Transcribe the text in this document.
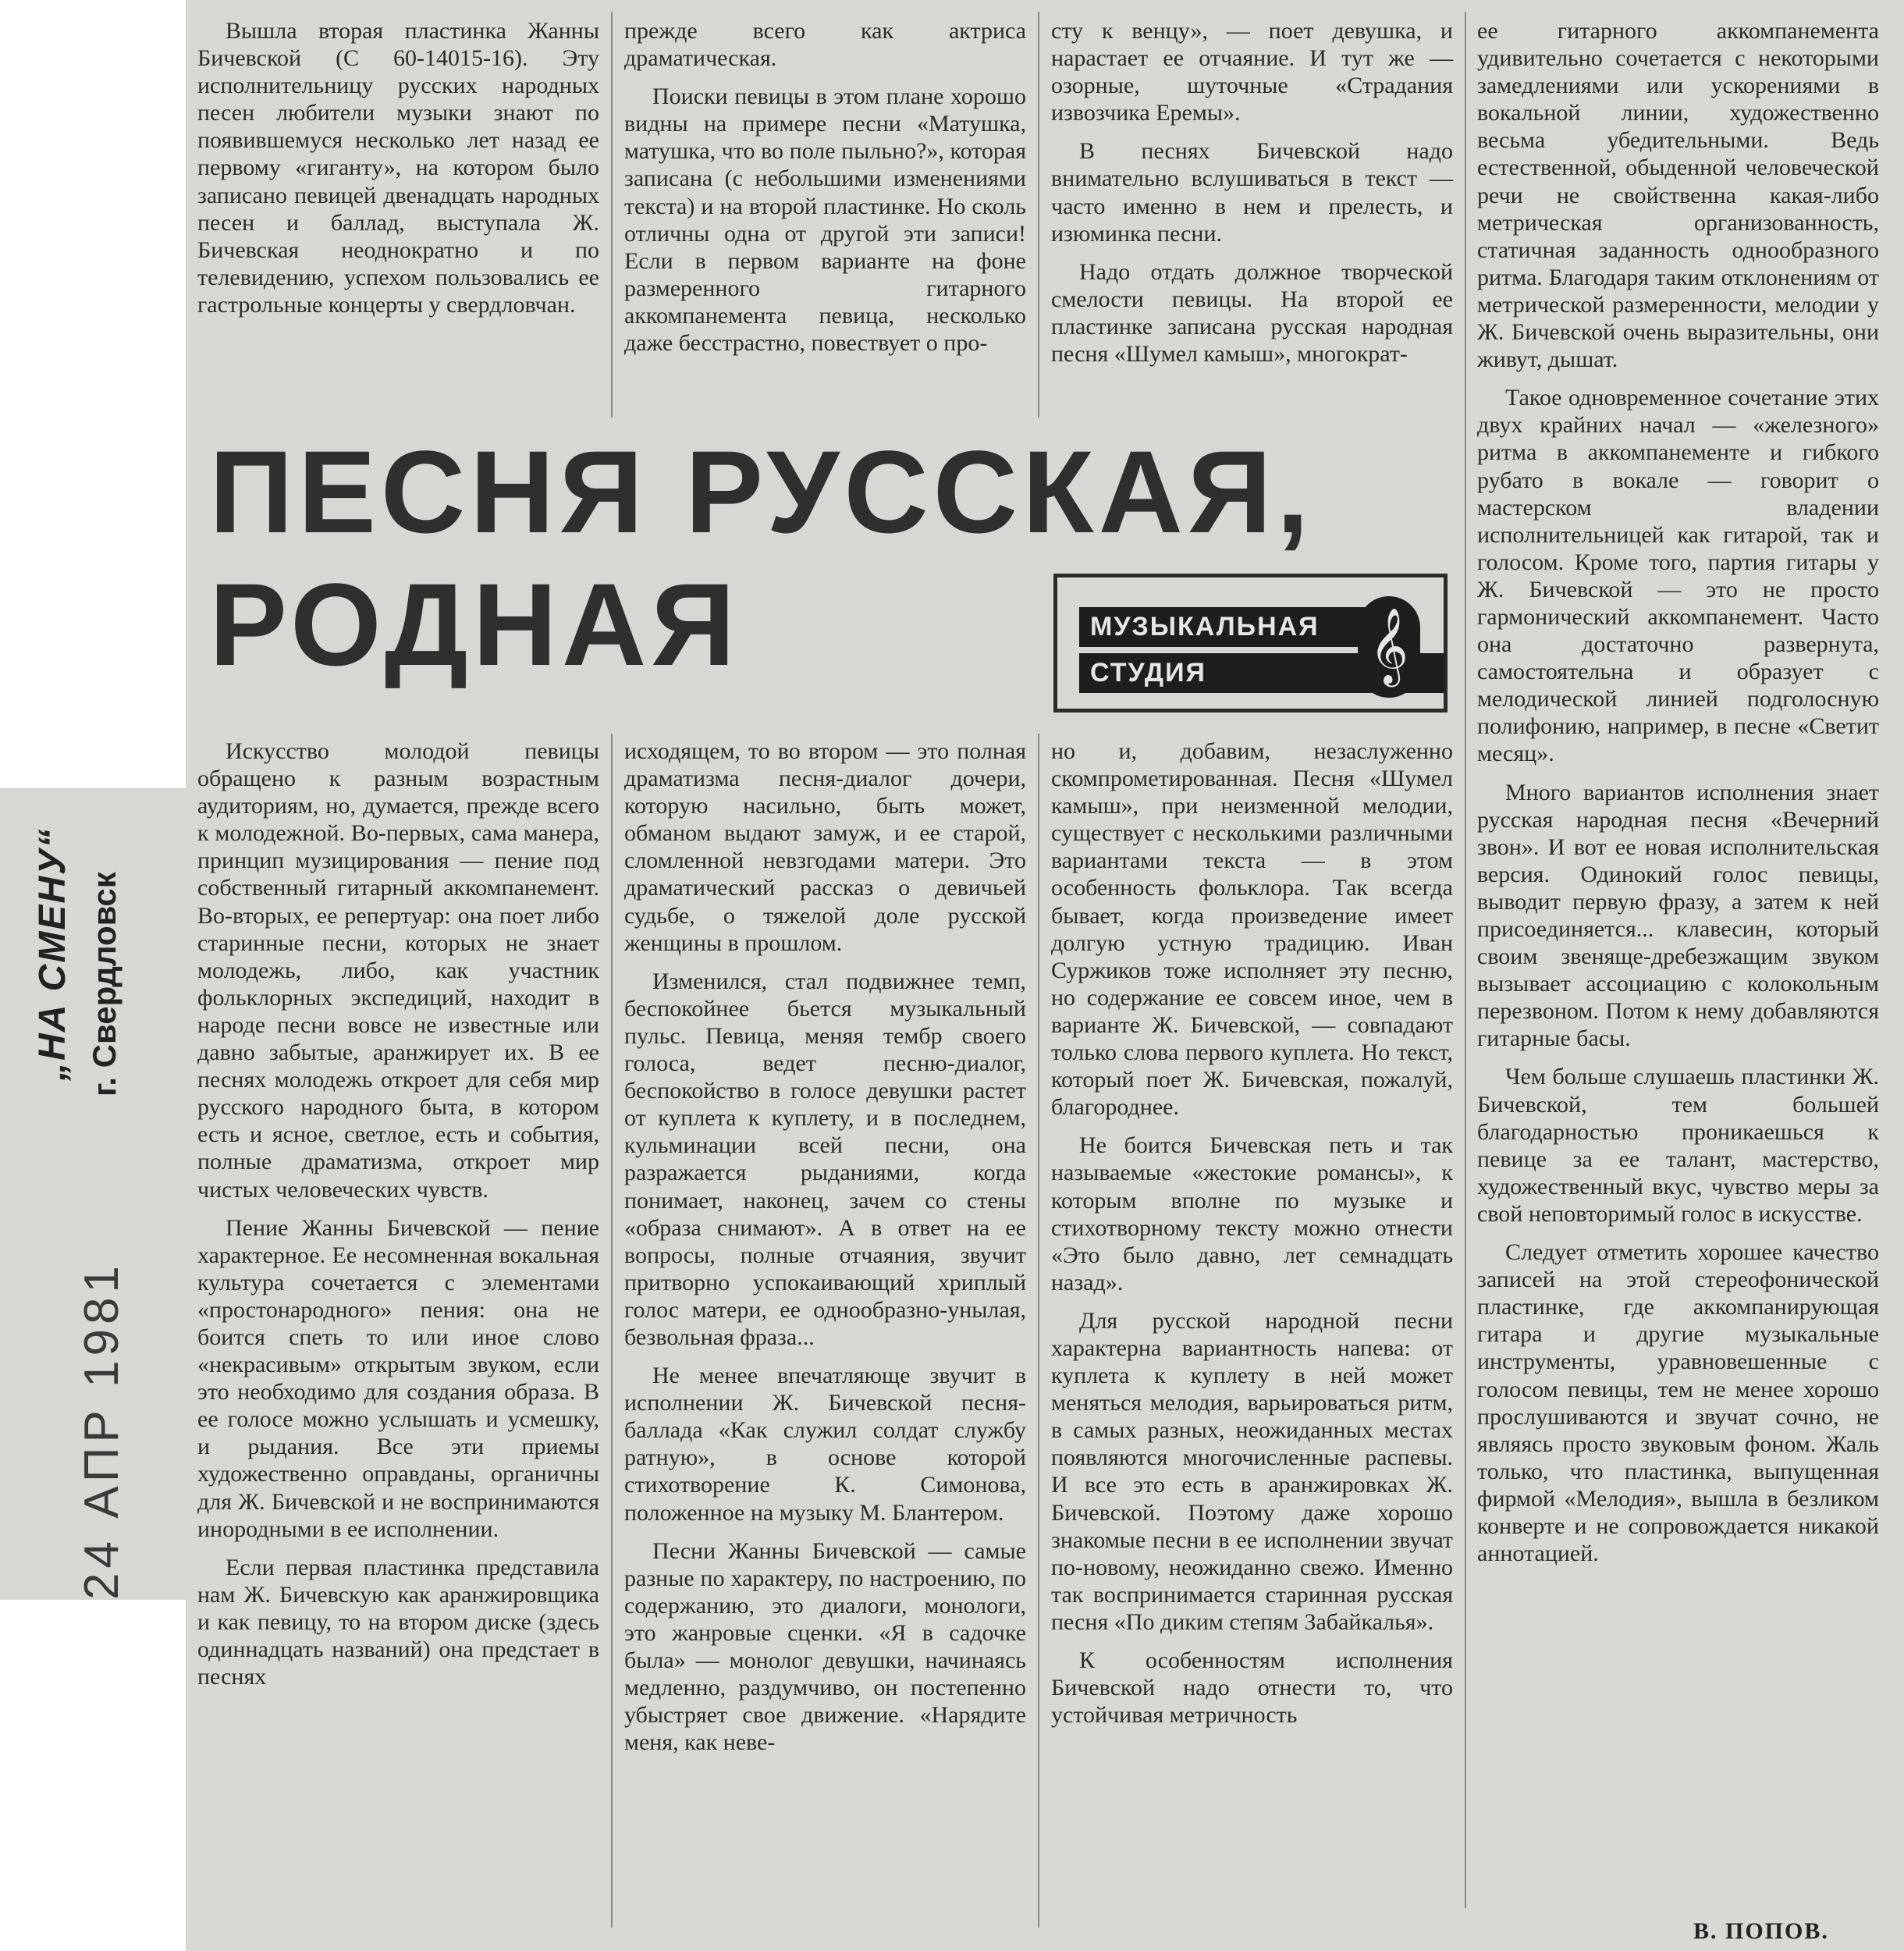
24 АПР 1981
„НА СМЕНУ“ г. Свердловск

Вышла вторая пластинка Жанны Бичевской (С 60-14015-16). Эту исполнительницу русских народных песен любители музыки знают по появившемуся несколько лет назад ее первому «гиганту», на котором было записано певицей двенадцать народных песен и баллад, выступала Ж. Бичевская неоднократно и по телевидению, успехом пользовались ее гастрольные концерты у свердловчан.

прежде всего как актриса драматическая.

Поиски певицы в этом плане хорошо видны на примере песни «Матушка, матушка, что во поле пыльно?», которая записана (с небольшими изменениями текста) и на второй пластинке. Но сколь отличны одна от другой эти записи! Если в первом варианте на фоне размеренного гитарного аккомпанемента певица, несколько даже бесстрастно, повествует о про-

сту к венцу», — поет девушка, и нарастает ее отчаяние. И тут же — озорные, шуточные «Страдания извозчика Еремы».

В песнях Бичевской надо внимательно вслушиваться в текст — часто именно в нем и прелесть, и изюминка песни.

Надо отдать должное творческой смелости певицы. На второй ее пластинке записана русская народная песня «Шумел камыш», многократ-

ее гитарного аккомпанемента удивительно сочетается с некоторыми замедлениями или ускорениями в вокальной линии, художественно весьма убедительными. Ведь естественной, обыденной человеческой речи не свойственна какая-либо метрическая организованность, статичная заданность однообразного ритма. Благодаря таким отклонениям от метрической размеренности, мелодии у Ж. Бичевской очень выразительны, они живут, дышат.

Такое одновременное сочетание этих двух крайних начал — «железного» ритма в аккомпанементе и гибкого рубато в вокале — говорит о мастерском владении исполнительницей как гитарой, так и голосом. Кроме того, партия гитары у Ж. Бичевской — это не просто гармонический аккомпанемент. Часто она достаточно развернута, самостоятельна и образует с мелодической линией подголосную полифонию, например, в песне «Светит месяц».

Много вариантов исполнения знает русская народная песня «Вечерний звон». И вот ее новая исполнительская версия. Одинокий голос певицы, выводит первую фразу, а затем к ней присоединяется... клавесин, который своим звеняще-дребезжащим звуком вызывает ассоциацию с колокольным перезвоном. Потом к нему добавляются гитарные басы.

Чем больше слушаешь пластинки Ж. Бичевской, тем большей благодарностью проникаешься к певице за ее талант, мастерство, художественный вкус, чувство меры за свой неповторимый голос в искусстве.

Следует отметить хорошее качество записей на этой стереофонической пластинке, где аккомпанирующая гитара и другие музыкальные инструменты, уравновешенные с голосом певицы, тем не менее хорошо прослушиваются и звучат сочно, не являясь просто звуковым фоном. Жаль только, что пластинка, выпущенная фирмой «Мелодия», вышла в безликом конверте и не сопровождается никакой аннотацией.

ПЕСНЯ РУССКАЯ,
РОДНАЯ	МУЗЫКАЛЬНАЯ
СТУДИЯ	𝄞

Искусство молодой певицы обращено к разным возрастным аудиториям, но, думается, прежде всего к молодежной. Во-первых, сама манера, принцип музицирования — пение под собственный гитарный аккомпанемент. Во-вторых, ее репертуар: она поет либо старинные песни, которых не знает молодежь, либо, как участник фольклорных экспедиций, находит в народе песни вовсе не известные или давно забытые, аранжирует их. В ее песнях молодежь откроет для себя мир русского народного быта, в котором есть и ясное, светлое, есть и события, полные драматизма, откроет мир чистых человеческих чувств.

Пение Жанны Бичевской — пение характерное. Ее несомненная вокальная культура сочетается с элементами «простонародного» пения: она не боится спеть то или иное слово «некрасивым» открытым звуком, если это необходимо для создания образа. В ее голосе можно услышать и усмешку, и рыдания. Все эти приемы художественно оправданы, органичны для Ж. Бичевской и не воспринимаются инородными в ее исполнении.

Если первая пластинка представила нам Ж. Бичевскую как аранжировщика и как певицу, то на втором диске (здесь одиннадцать названий) она предстает в песнях

исходящем, то во втором — это полная драматизма песня-диалог дочери, которую насильно, быть может, обманом выдают замуж, и ее старой, сломленной невзгодами матери. Это драматический рассказ о девичьей судьбе, о тяжелой доле русской женщины в прошлом.

Изменился, стал подвижнее темп, беспокойнее бьется музыкальный пульс. Певица, меняя тембр своего голоса, ведет песню-диалог, беспокойство в голосе девушки растет от куплета к куплету, и в последнем, кульминации всей песни, она разражается рыданиями, когда понимает, наконец, зачем со стены «образа снимают». А в ответ на ее вопросы, полные отчаяния, звучит притворно успокаивающий хриплый голос матери, ее однообразно-унылая, безвольная фраза...

Не менее впечатляюще звучит в исполнении Ж. Бичевской песня-баллада «Как служил солдат службу ратную», в основе которой стихотворение К. Симонова, положенное на музыку М. Блантером.

Песни Жанны Бичевской — самые разные по характеру, по настроению, по содержанию, это диалоги, монологи, это жанровые сценки. «Я в садочке была» — монолог девушки, начинаясь медленно, раздумчиво, он постепенно убыстряет свое движение. «Нарядите меня, как неве-

но и, добавим, незаслуженно скомпрометированная. Песня «Шумел камыш», при неизменной мелодии, существует с несколькими различными вариантами текста — в этом особенность фольклора. Так всегда бывает, когда произведение имеет долгую устную традицию. Иван Суржиков тоже исполняет эту песню, но содержание ее совсем иное, чем в варианте Ж. Бичевской, — совпадают только слова первого куплета. Но текст, который поет Ж. Бичевская, пожалуй, благороднее.

Не боится Бичевская петь и так называемые «жестокие романсы», к которым вполне по музыке и стихотворному тексту можно отнести «Это было давно, лет семнадцать назад».

Для русской народной песни характерна вариантность напева: от куплета к куплету в ней может меняться мелодия, варьироваться ритм, в самых разных, неожиданных местах появляются многочисленные распевы. И все это есть в аранжировках Ж. Бичевской. Поэтому даже хорошо знакомые песни в ее исполнении звучат по-новому, неожиданно свежо. Именно так воспринимается старинная русская песня «По диким степям Забайкалья».

К особенностям исполнения Бичевской надо отнести то, что устойчивая метричность

В. ПОПОВ.
